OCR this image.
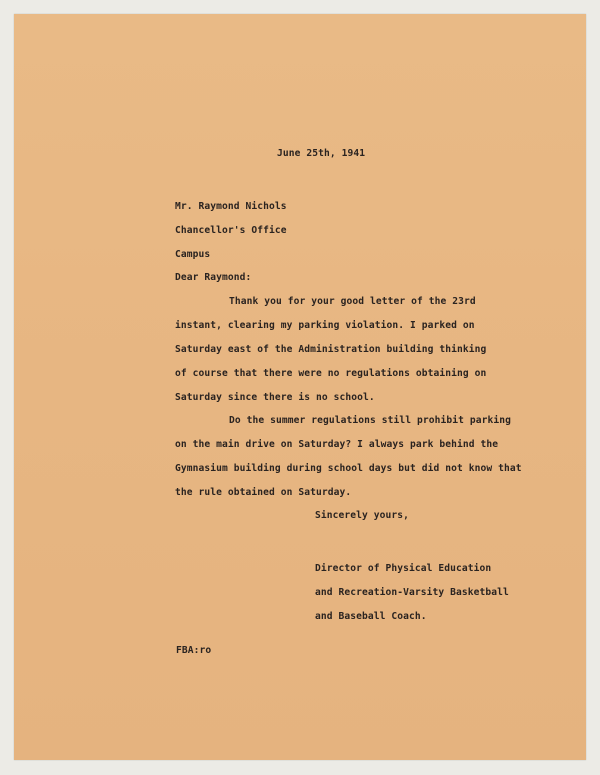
June 25th, 1941

Mr. Raymond Nichols

Chancellor's Office

Campus

Dear Raymond:

Thank you for your good letter of the 23rd

instant, clearing my parking violation. I parked on

Saturday east of the Administration building thinking

of course that there were no regulations obtaining on

Saturday since there is no school.

Do the summer regulations still prohibit parking

on the main drive on Saturday? I always park behind the

Gymnasium building during school days but did not know that

the rule obtained on Saturday.

Sincerely yours,

Director of Physical Education

and Recreation-Varsity Basketball

and Baseball Coach.

FBA:ro
